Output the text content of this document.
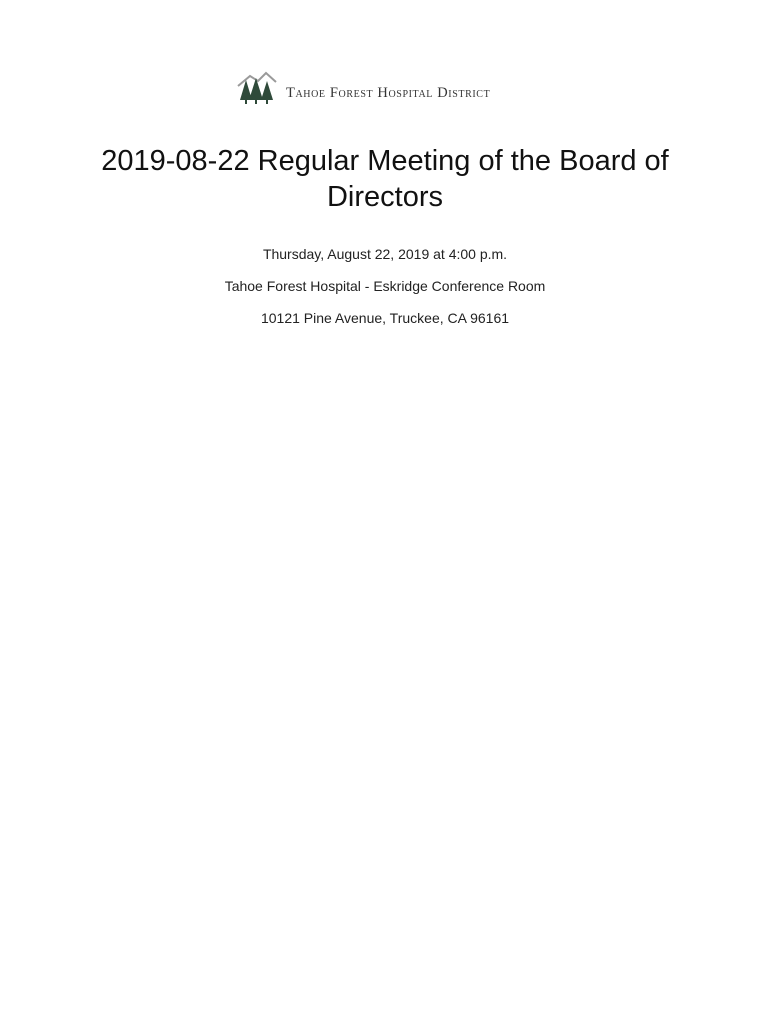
Tahoe Forest Hospital District
2019-08-22 Regular Meeting of the Board of Directors
Thursday, August 22, 2019 at 4:00 p.m.
Tahoe Forest Hospital - Eskridge Conference Room
10121 Pine Avenue, Truckee, CA 96161
